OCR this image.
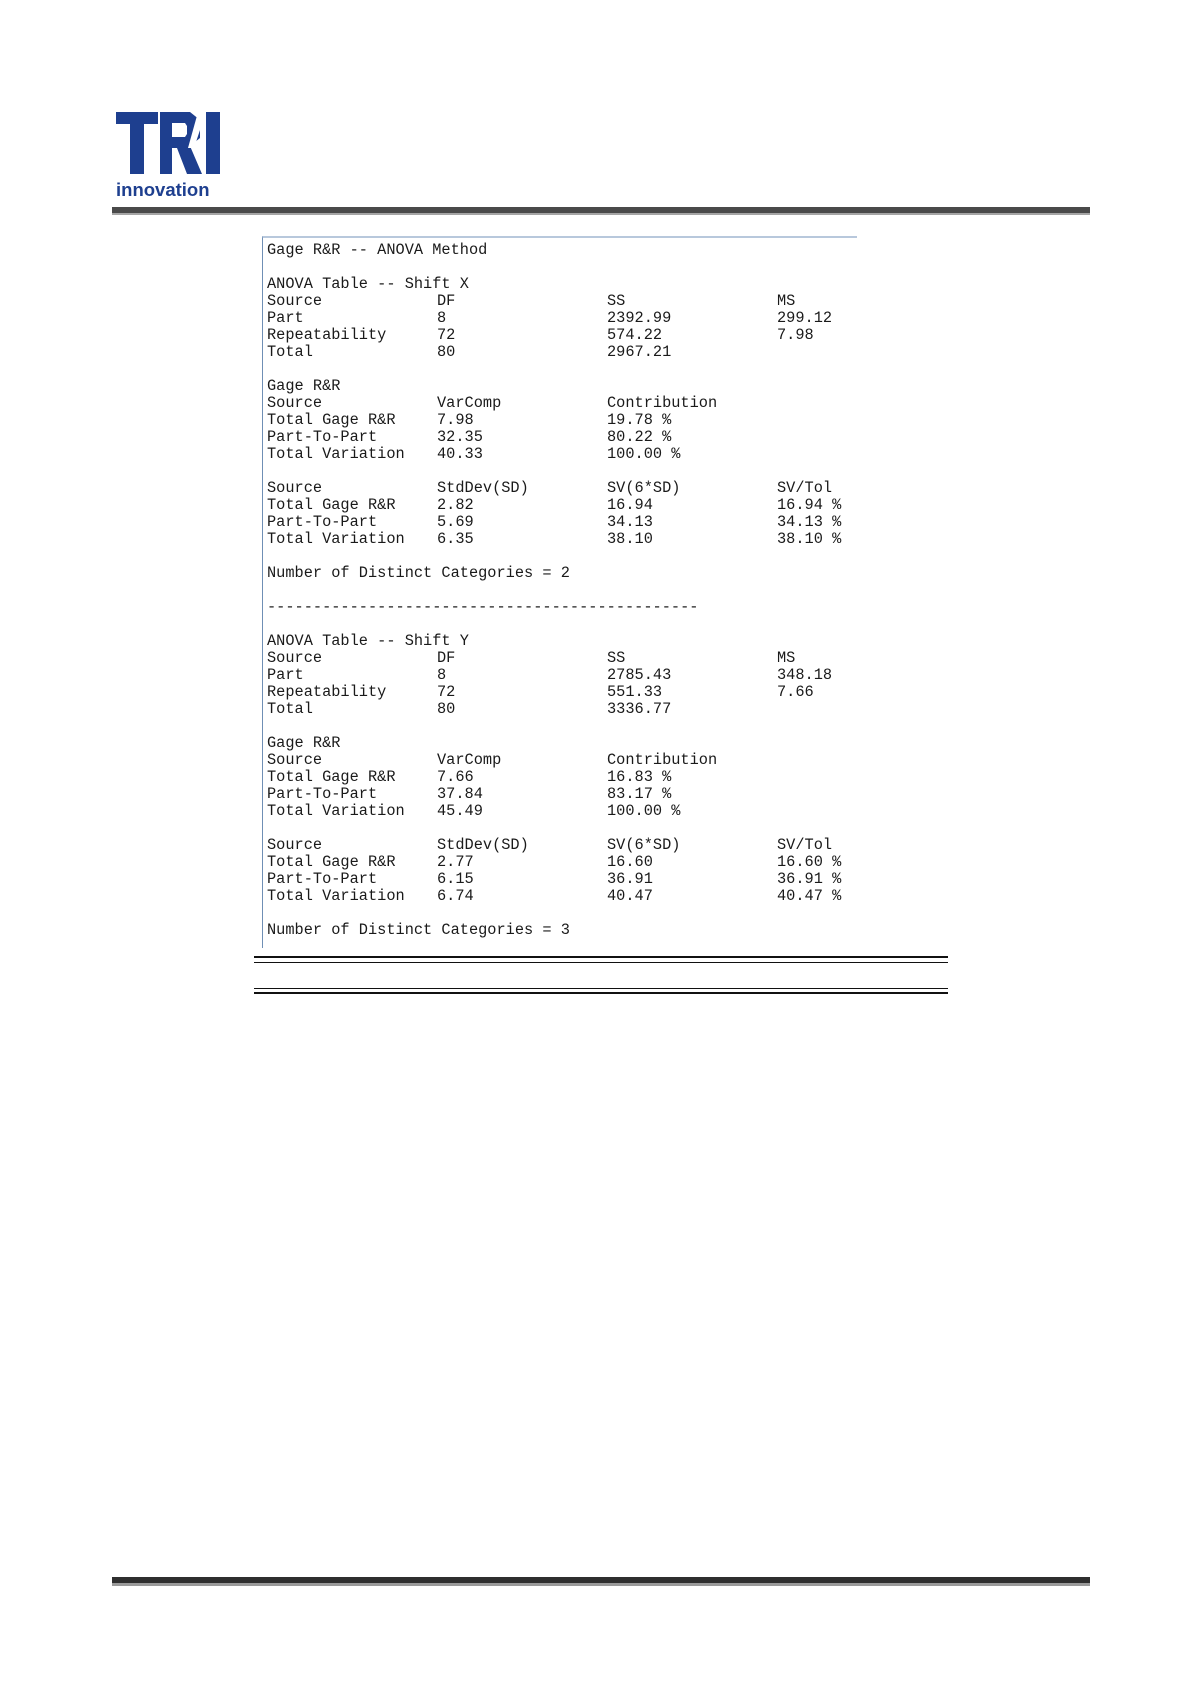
innovation
Gage R&R -- ANOVA Method

ANOVA Table -- Shift X
Source	DF	SS	MS
Part	8	2392.99	299.12
Repeatability	72	574.22	7.98
Total	80	2967.21

Gage R&R
Source	VarComp	Contribution
Total Gage R&R	7.98	19.78 %
Part-To-Part	32.35	80.22 %
Total Variation 40.33	100.00 %

Source	StdDev(SD)	SV(6*SD)	SV/Tol
Total Gage R&R	2.82	16.94	16.94 %
Part-To-Part	5.69	34.13	34.13 %
Total Variation 6.35	38.10	38.10 %

Number of Distinct Categories = 2

-----------------------------------------------

ANOVA Table -- Shift Y
Source	DF	SS	MS
Part	8	2785.43	348.18
Repeatability	72	551.33	7.66
Total	80	3336.77

Gage R&R
Source	VarComp	Contribution
Total Gage R&R	7.66	16.83 %
Part-To-Part	37.84	83.17 %
Total Variation 45.49	100.00 %

Source	StdDev(SD)	SV(6*SD)	SV/Tol
Total Gage R&R	2.77	16.60	16.60 %
Part-To-Part	6.15	36.91	36.91 %
Total Variation 6.74	40.47	40.47 %

Number of Distinct Categories = 3
